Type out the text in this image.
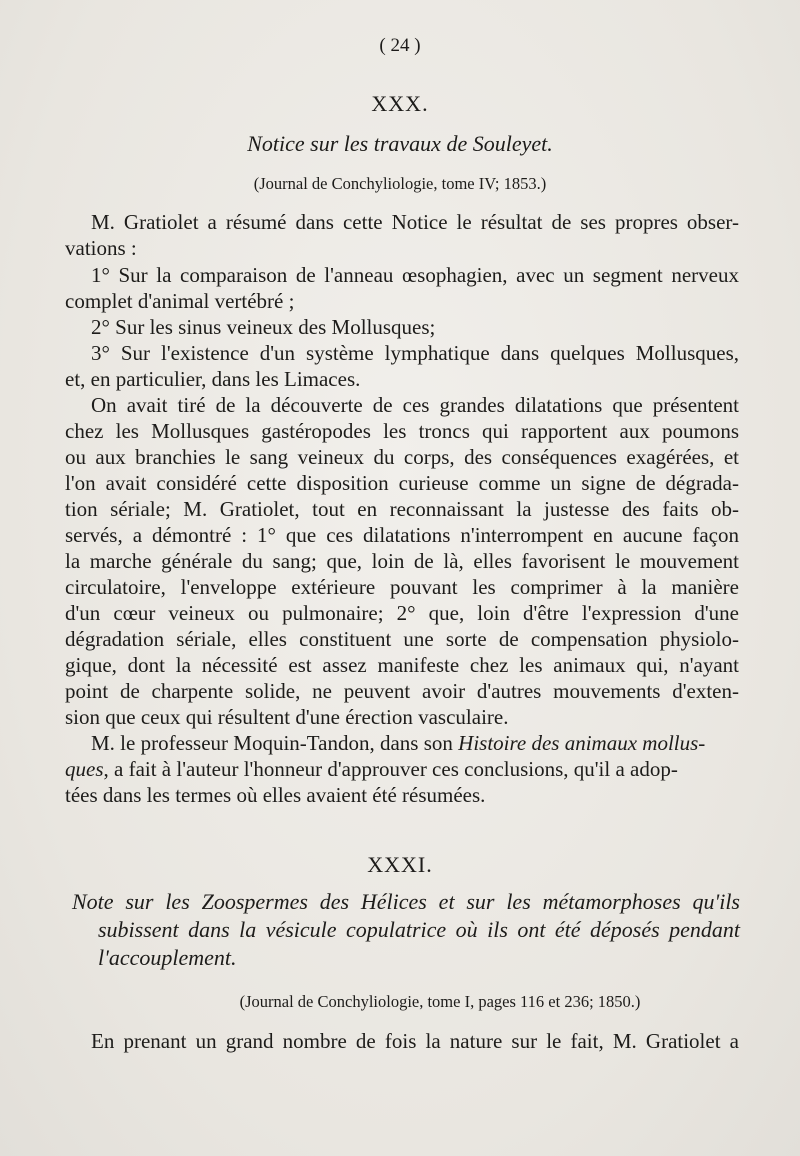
( 24 )
XXX.
Notice sur les travaux de Souleyet.
(Journal de Conchyliologie, tome IV; 1853.)
M. Gratiolet a résumé dans cette Notice le résultat de ses propres obser-
vations :
1° Sur la comparaison de l'anneau œsophagien, avec un segment nerveux
complet d'animal vertébré ;
2° Sur les sinus veineux des Mollusques;
3° Sur l'existence d'un système lymphatique dans quelques Mollusques,
et, en particulier, dans les Limaces.
On avait tiré de la découverte de ces grandes dilatations que présentent
chez les Mollusques gastéropodes les troncs qui rapportent aux poumons
ou aux branchies le sang veineux du corps, des conséquences exagérées, et
l'on avait considéré cette disposition curieuse comme un signe de dégrada-
tion sériale; M. Gratiolet, tout en reconnaissant la justesse des faits ob-
servés, a démontré : 1° que ces dilatations n'interrompent en aucune façon
la marche générale du sang; que, loin de là, elles favorisent le mouvement
circulatoire, l'enveloppe extérieure pouvant les comprimer à la manière
d'un cœur veineux ou pulmonaire; 2° que, loin d'être l'expression d'une
dégradation sériale, elles constituent une sorte de compensation physiolo-
gique, dont la nécessité est assez manifeste chez les animaux qui, n'ayant
point de charpente solide, ne peuvent avoir d'autres mouvements d'exten-
sion que ceux qui résultent d'une érection vasculaire.
M. le professeur Moquin-Tandon, dans son Histoire des animaux mollus-
ques, a fait à l'auteur l'honneur d'approuver ces conclusions, qu'il a adop-
tées dans les termes où elles avaient été résumées.
XXXI.
Note sur les Zoospermes des Hélices et sur les métamorphoses qu'ils
subissent dans la vésicule copulatrice où ils ont été déposés pendant
l'accouplement.
(Journal de Conchyliologie, tome I, pages 116 et 236; 1850.)
En prenant un grand nombre de fois la nature sur le fait, M. Gratiolet a
